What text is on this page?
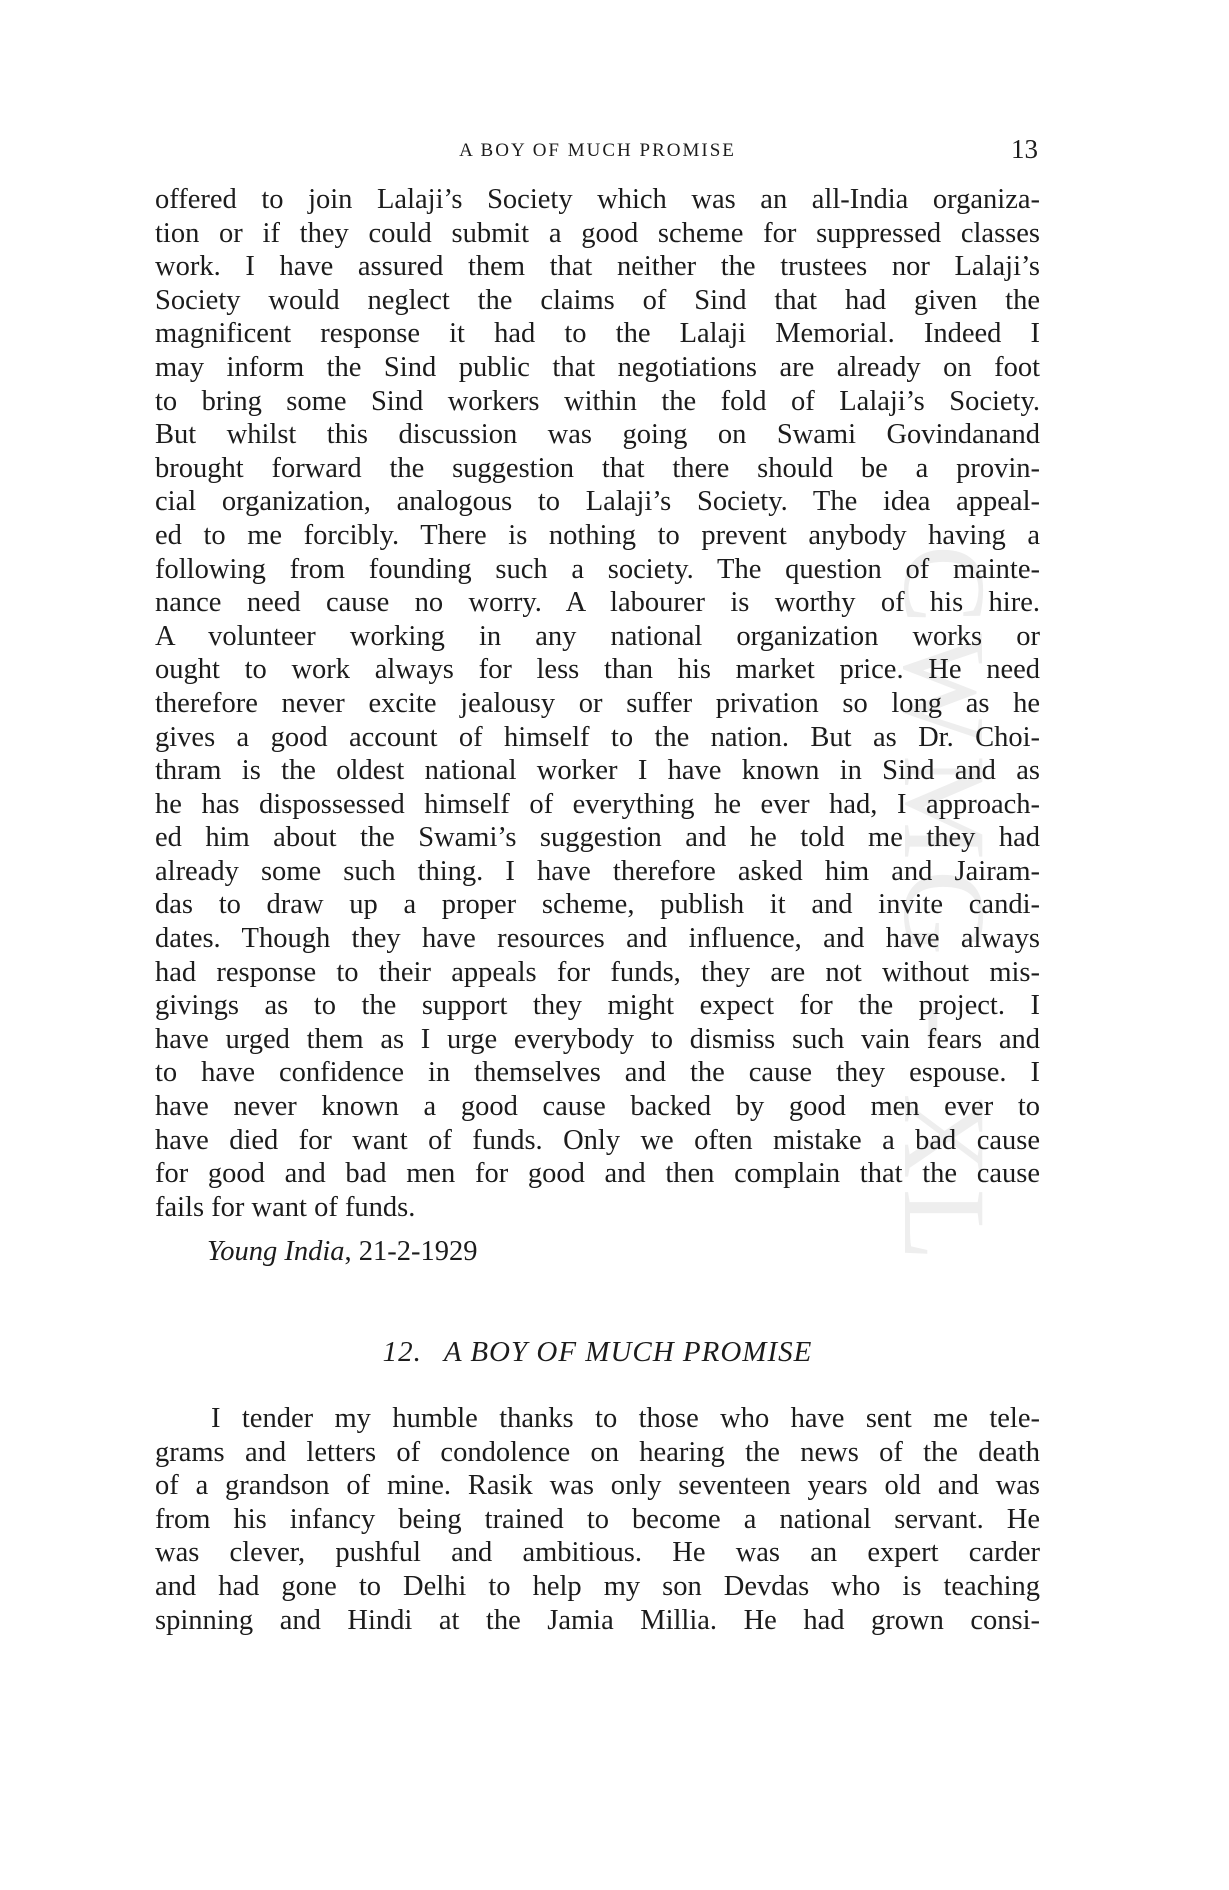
CWMG - XL
A BOY OF MUCH PROMISE	13
offered to join Lalaji’s Society which was an all-India organiza-
tion or if they could submit a good scheme for suppressed classes
work. I have assured them that neither the trustees nor Lalaji’s
Society would neglect the claims of Sind that had given the
magnificent response it had to the Lalaji Memorial. Indeed I
may inform the Sind public that negotiations are already on foot
to bring some Sind workers within the fold of Lalaji’s Society.
But whilst this discussion was going on Swami Govindanand
brought forward the suggestion that there should be a provin-
cial organization, analogous to Lalaji’s Society. The idea appeal-
ed to me forcibly. There is nothing to prevent anybody having a
following from founding such a society. The question of mainte-
nance need cause no worry. A labourer is worthy of his hire.
A volunteer working in any national organization works or
ought to work always for less than his market price. He need
therefore never excite jealousy or suffer privation so long as he
gives a good account of himself to the nation. But as Dr. Choi-
thram is the oldest national worker I have known in Sind and as
he has dispossessed himself of everything he ever had, I approach-
ed him about the Swami’s suggestion and he told me they had
already some such thing. I have therefore asked him and Jairam-
das to draw up a proper scheme, publish it and invite candi-
dates. Though they have resources and influence, and have always
had response to their appeals for funds, they are not without mis-
givings as to the support they might expect for the project. I
have urged them as I urge everybody to dismiss such vain fears and
to have confidence in themselves and the cause they espouse. I
have never known a good cause backed by good men ever to
have died for want of funds. Only we often mistake a bad cause
for good and bad men for good and then complain that the cause
fails for want of funds.
Young India, 21-2-1929
12. A BOY OF MUCH PROMISE
I tender my humble thanks to those who have sent me tele-
grams and letters of condolence on hearing the news of the death
of a grandson of mine. Rasik was only seventeen years old and was
from his infancy being trained to become a national servant. He
was clever, pushful and ambitious. He was an expert carder
and had gone to Delhi to help my son Devdas who is teaching
spinning and Hindi at the Jamia Millia. He had grown consi-
